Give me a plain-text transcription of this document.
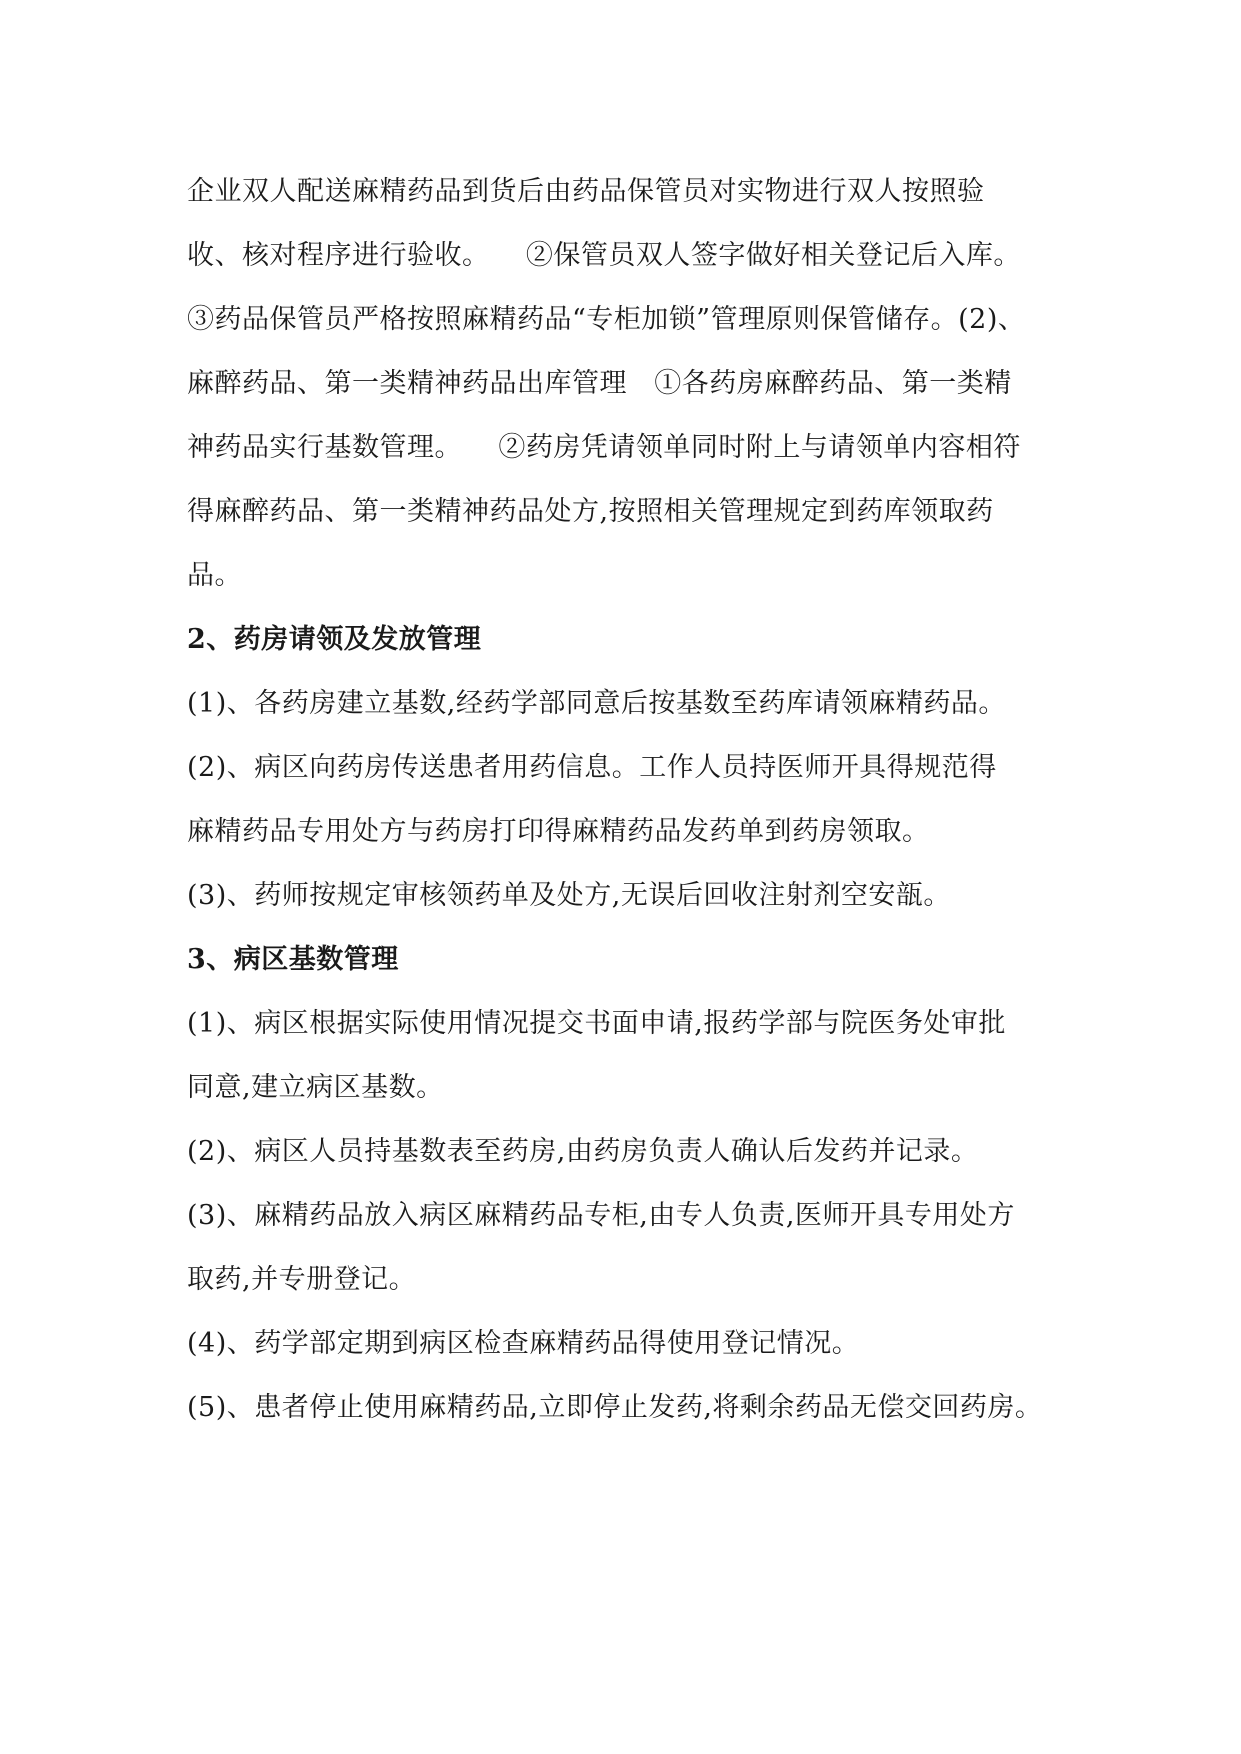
企业双人配送麻精药品到货后由药品保管员对实物进行双人按照验
收、核对程序进行验收。    ②保管员双人签字做好相关登记后入库。
③药品保管员严格按照麻精药品“专柜加锁”管理原则保管储存。(2)、
麻醉药品、第一类精神药品出库管理   ①各药房麻醉药品、第一类精
神药品实行基数管理。    ②药房凭请领单同时附上与请领单内容相符
得麻醉药品、第一类精神药品处方,按照相关管理规定到药库领取药
品。
2、药房请领及发放管理
(1)、各药房建立基数,经药学部同意后按基数至药库请领麻精药品。
(2)、病区向药房传送患者用药信息。工作人员持医师开具得规范得
麻精药品专用处方与药房打印得麻精药品发药单到药房领取。
(3)、药师按规定审核领药单及处方,无误后回收注射剂空安瓿。
3、病区基数管理
(1)、病区根据实际使用情况提交书面申请,报药学部与院医务处审批
同意,建立病区基数。
(2)、病区人员持基数表至药房,由药房负责人确认后发药并记录。
(3)、麻精药品放入病区麻精药品专柜,由专人负责,医师开具专用处方
取药,并专册登记。
(4)、药学部定期到病区检查麻精药品得使用登记情况。
(5)、患者停止使用麻精药品,立即停止发药,将剩余药品无偿交回药房。
